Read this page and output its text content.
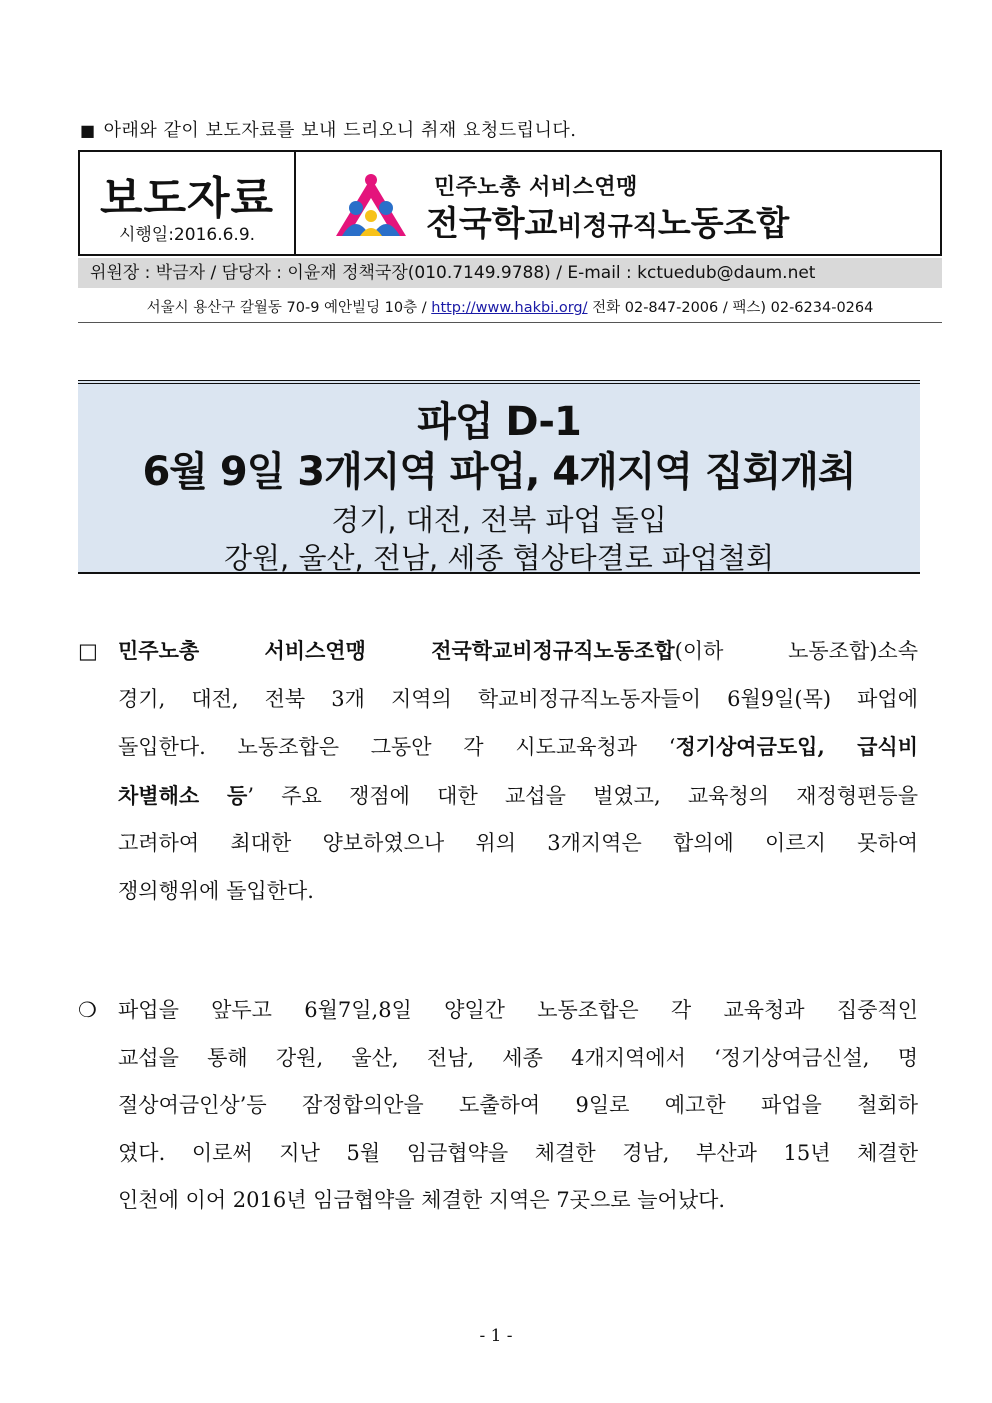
■ 아래와 같이 보도자료를 보내 드리오니 취재 요청드립니다.
보도자료
시행일:2016.6.9.
민주노총 서비스연맹
전국학교비정규직노동조합
위원장 : 박금자 / 담당자 : 이윤재 정책국장(010.7149.9788) / E-mail : kctuedub@daum.net
서울시 용산구 갈월동 70-9 예안빌딩 10층 / http://www.hakbi.org/ 전화 02-847-2006 / 팩스) 02-6234-0264
파업 D-1
6월 9일 3개지역 파업, 4개지역 집회개최
경기, 대전, 전북 파업 돌입
강원, 울산, 전남, 세종 협상타결로 파업철회
□ 민주노총 서비스연맹 전국학교비정규직노동조합(이하 노동조합)소속
경기, 대전, 전북 3개 지역의 학교비정규직노동자들이 6월9일(목) 파업에
돌입한다. 노동조합은 그동안 각 시도교육청과 ‘정기상여금도입, 급식비
차별해소 등’ 주요 쟁점에 대한 교섭을 벌였고, 교육청의 재정형편등을
고려하여 최대한 양보하였으나 위의 3개지역은 합의에 이르지 못하여
쟁의행위에 돌입한다.
❍ 파업을 앞두고 6월7일,8일 양일간 노동조합은 각 교육청과 집중적인
교섭을 통해 강원, 울산, 전남, 세종 4개지역에서 ‘정기상여금신설, 명
절상여금인상’등 잠정합의안을 도출하여 9일로 예고한 파업을 철회하
였다. 이로써 지난 5월 임금협약을 체결한 경남, 부산과 15년 체결한
인천에 이어 2016년 임금협약을 체결한 지역은 7곳으로 늘어났다.
- 1 -
